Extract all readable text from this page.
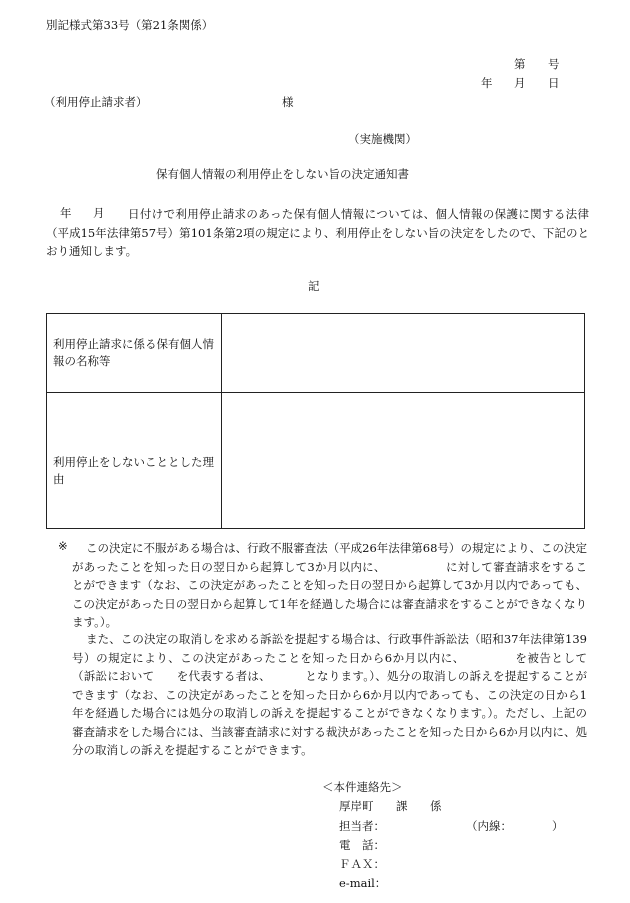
別記様式第33号（第21条関係）
第 号
年 月 日
（利用停止請求者）	様
（実施機関）
保有個人情報の利用停止をしない旨の決定通知書
年 月	日付けで利用停止請求のあった保有個人情報については、個人情報の保護に関する法律（平成15年法律第57号）第101条第2項の規定により、利用停止をしない旨の決定をしたので、下記のとおり通知します。
記
利用停止請求に係る保有個人情報の名称等
利用停止をしないこととした理由
※	この決定に不服がある場合は、行政不服審査法（平成26年法律第68号）の規定により、この決定があったことを知った日の翌日から起算して3か月以内に、	に対して審査請求をすることができます（なお、この決定があったことを知った日の翌日から起算して3か月以内であっても、この決定があった日の翌日から起算して1年を経過した場合には審査請求をすることができなくなります。）。
また、この決定の取消しを求める訴訟を提起する場合は、行政事件訴訟法（昭和37年法律第139号）の規定により、この決定があったことを知った日から6か月以内に、	を被告として（訴訟において を代表する者は、	となります。）、処分の取消しの訴えを提起することができます（なお、この決定があったことを知った日から6か月以内であっても、この決定の日から1年を経過した場合には処分の取消しの訴えを提起することができなくなります。）。ただし、上記の審査請求をした場合には、当該審査請求に対する裁決があったことを知った日から6か月以内に、処分の取消しの訴えを提起することができます。
＜本件連絡先＞
厚岸町 課 係
担当者：	（内線：	）
電　話：
ＦＡＸ：
e-mail：
